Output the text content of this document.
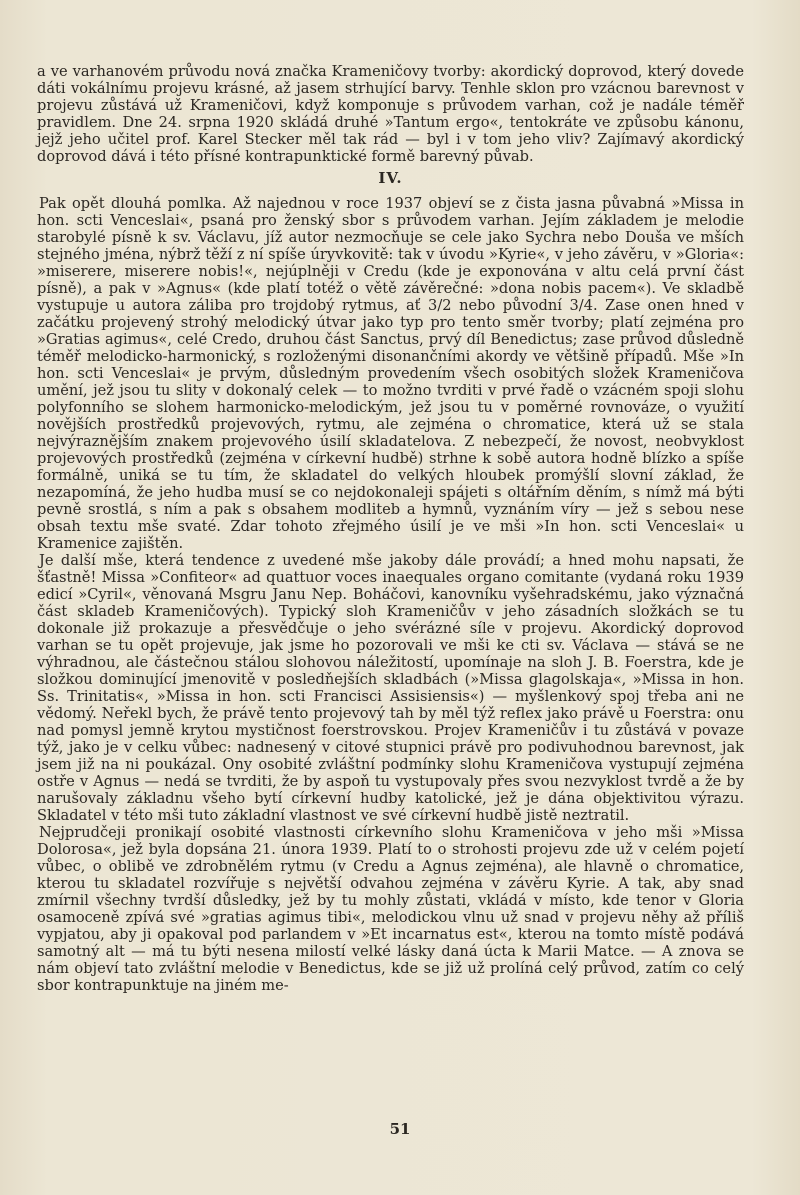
a ve varhanovém průvodu nová značka Krameničovy tvorby: akordický doprovod, který dovede dáti vokálnímu projevu krásné, až jasem strhující barvy. Tenhle sklon pro vzácnou barevnost v projevu zůstává už Krameničovi, když komponuje s průvodem varhan, což je nadále téměř pravidlem. Dne 24. srpna 1920 skládá druhé »Tantum ergo«, tentokráte ve způsobu kánonu, jejž jeho učitel prof. Karel Stecker měl tak rád — byl i v tom jeho vliv? Zajímavý akordický doprovod dává i této přísné kontrapunktické formě barevný půvab.

IV.

Pak opět dlouhá pomlka. Až najednou v roce 1937 objeví se z čista jasna půvabná »Missa in hon. scti Venceslai«, psaná pro ženský sbor s průvodem varhan. Jejím základem je melodie starobylé písně k sv. Václavu, jíž autor nezmocňuje se cele jako Sychra nebo Douša ve mších stejného jména, nýbrž těží z ní spíše úryvkovitě: tak v úvodu »Kyrie«, v jeho závěru, v »Gloria«: »miserere, miserere nobis!«, nejúplněji v Credu (kde je exponována v altu celá první část písně), a pak v »Agnus« (kde platí totéž o větě závěrečné: »dona nobis pacem«). Ve skladbě vystupuje u autora záliba pro trojdobý rytmus, ať 3/2 nebo původní 3/4. Zase onen hned v začátku projevený strohý melodický útvar jako typ pro tento směr tvorby; platí zejména pro »Gratias agimus«, celé Credo, druhou část Sanctus, prvý díl Benedictus; zase průvod důsledně téměř melodicko-harmonický, s rozloženými disonančními akordy ve většině případů. Mše »In hon. scti Venceslai« je prvým, důsledným provedením všech osobitých složek Krameničova umění, jež jsou tu slity v dokonalý celek — to možno tvrditi v prvé řadě o vzácném spoji slohu polyfonního se slohem harmonicko-melodickým, jež jsou tu v poměrné rovnováze, o využití novějších prostředků projevových, rytmu, ale zejména o chromatice, která už se stala nejvýraznějším znakem projevového úsilí skladatelova. Z nebezpečí, že novost, neobvyklost projevových prostředků (zejména v církevní hudbě) strhne k sobě autora hodně blízko a spíše formálně, uniká se tu tím, že skladatel do velkých hloubek promýšlí slovní základ, že nezapomíná, že jeho hudba musí se co nejdokonaleji spájeti s oltářním děním, s nímž má býti pevně srostlá, s ním a pak s obsahem modliteb a hymnů, vyznáním víry — jež s sebou nese obsah textu mše svaté. Zdar tohoto zřejmého úsilí je ve mši »In hon. scti Venceslai« u Kramenice zajištěn.

Je další mše, která tendence z uvedené mše jakoby dále provádí; a hned mohu napsati, že šťastně! Missa »Confiteor« ad quattuor voces inaequales organo comitante (vydaná roku 1939 edicí »Cyril«, věnovaná Msgru Janu Nep. Boháčovi, kanovníku vyšehradskému, jako význačná část skladeb Krameničových). Typický sloh Krameničův v jeho zásadních složkách se tu dokonale již prokazuje a přesvědčuje o jeho svérázné síle v projevu. Akordický doprovod varhan se tu opět projevuje, jak jsme ho pozorovali ve mši ke cti sv. Václava — stává se ne výhradnou, ale částečnou stálou slohovou náležitostí, upomínaje na sloh J. B. Foerstra, kde je složkou dominující jmenovitě v posledňejších skladbách (»Missa glagolskaja«, »Missa in hon. Ss. Trinitatis«, »Missa in hon. scti Francisci Assisiensis«) — myšlenkový spoj třeba ani ne vědomý. Neřekl bych, že právě tento projevový tah by měl týž reflex jako právě u Foerstra: onu nad pomysl jemně krytou mystičnost foerstrovskou. Projev Krameničův i tu zůstává v povaze týž, jako je v celku vůbec: nadnesený v citové stupnici právě pro podivuhodnou barevnost, jak jsem již na ni poukázal. Ony osobité zvláštní podmínky slohu Krameničova vystupují zejména ostře v Agnus — nedá se tvrditi, že by aspoň tu vystupovaly přes svou nezvyklost tvrdě a že by narušovaly základnu všeho bytí církevní hudby katolické, jež je dána objektivitou výrazu. Skladatel v této mši tuto základní vlastnost ve své církevní hudbě jistě neztratil.

Nejprudčeji pronikají osobité vlastnosti církevního slohu Krameničova v jeho mši »Missa Dolorosa«, jež byla dopsána 21. února 1939. Platí to o strohosti projevu zde už v celém pojetí vůbec, o oblibě ve zdrobnělém rytmu (v Credu a Agnus zejména), ale hlavně o chromatice, kterou tu skladatel rozvířuje s největší odvahou zejména v závěru Kyrie. A tak, aby snad zmírnil všechny tvrdší důsledky, jež by tu mohly zůstati, vkládá v místo, kde tenor v Gloria osamoceně zpívá své »gratias agimus tibi«, melodickou vlnu už snad v projevu něhy až příliš vypjatou, aby ji opakoval pod parlandem v »Et incarnatus est«, kterou na tomto místě podává samotný alt — má tu býti nesena milostí velké lásky daná úcta k Marii Matce. — A znova se nám objeví tato zvláštní melodie v Benedictus, kde se již už prolíná celý průvod, zatím co celý sbor kontrapunktuje na jiném me-

51
